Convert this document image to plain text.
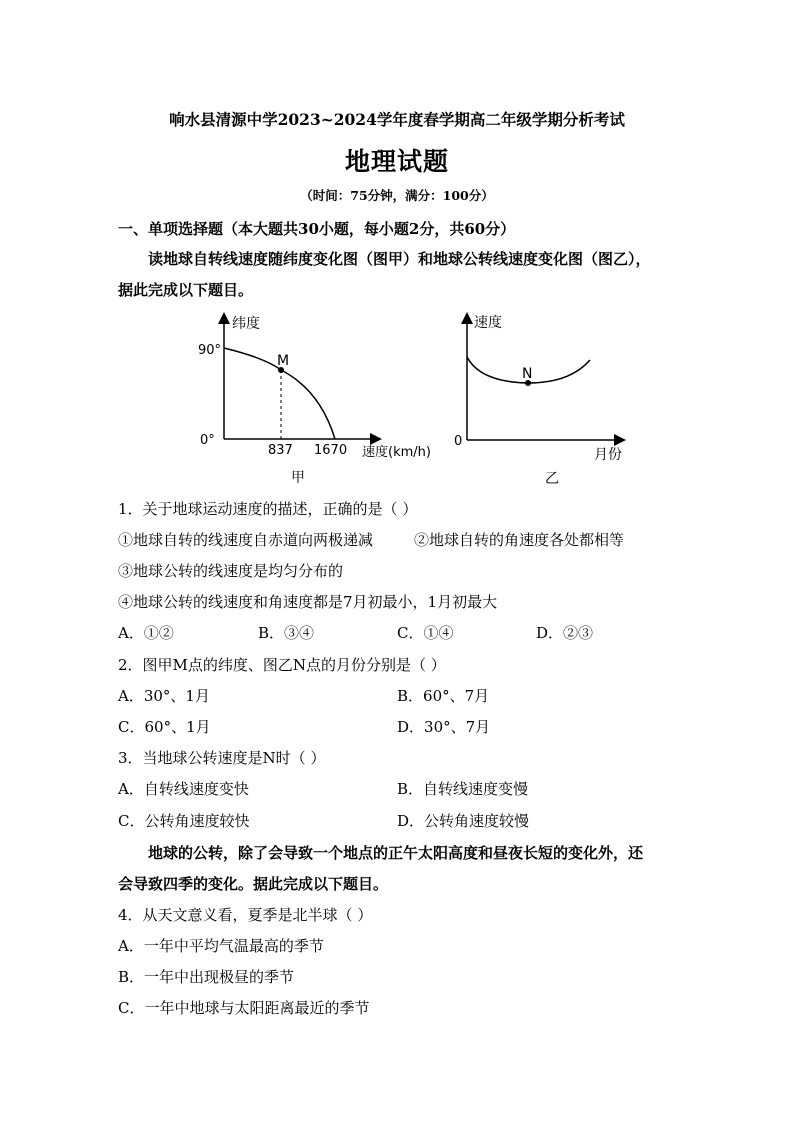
响水县清源中学2023~2024学年度春学期高二年级学期分析考试
地理试题
（时间：75分钟，满分：100分）
一、单项选择题（本大题共30小题，每小题2分，共60分）
读地球自转线速度随纬度变化图（图甲）和地球公转线速度变化图（图乙），
据此完成以下题目。
纬度
90°
0°
M
837 1670 速度(km/h)
甲
速度
0
N
月份
乙
1．关于地球运动速度的描述，正确的是（ ）
①地球自转的线速度自赤道向两极递减	②地球自转的角速度各处都相等
③地球公转的线速度是均匀分布的
④地球公转的线速度和角速度都是7月初最小，1月初最大
A．①②	B．③④	C．①④	D．②③
2．图甲M点的纬度、图乙N点的月份分别是（ ）
A．30°、1月	B．60°、7月
C．60°、1月	D．30°、7月
3．当地球公转速度是N时（ ）
A．自转线速度变快	B．自转线速度变慢
C．公转角速度较快	D．公转角速度较慢
地球的公转，除了会导致一个地点的正午太阳高度和昼夜长短的变化外，还
会导致四季的变化。据此完成以下题目。
4．从天文意义看，夏季是北半球（ ）
A．一年中平均气温最高的季节
B．一年中出现极昼的季节
C．一年中地球与太阳距离最近的季节
